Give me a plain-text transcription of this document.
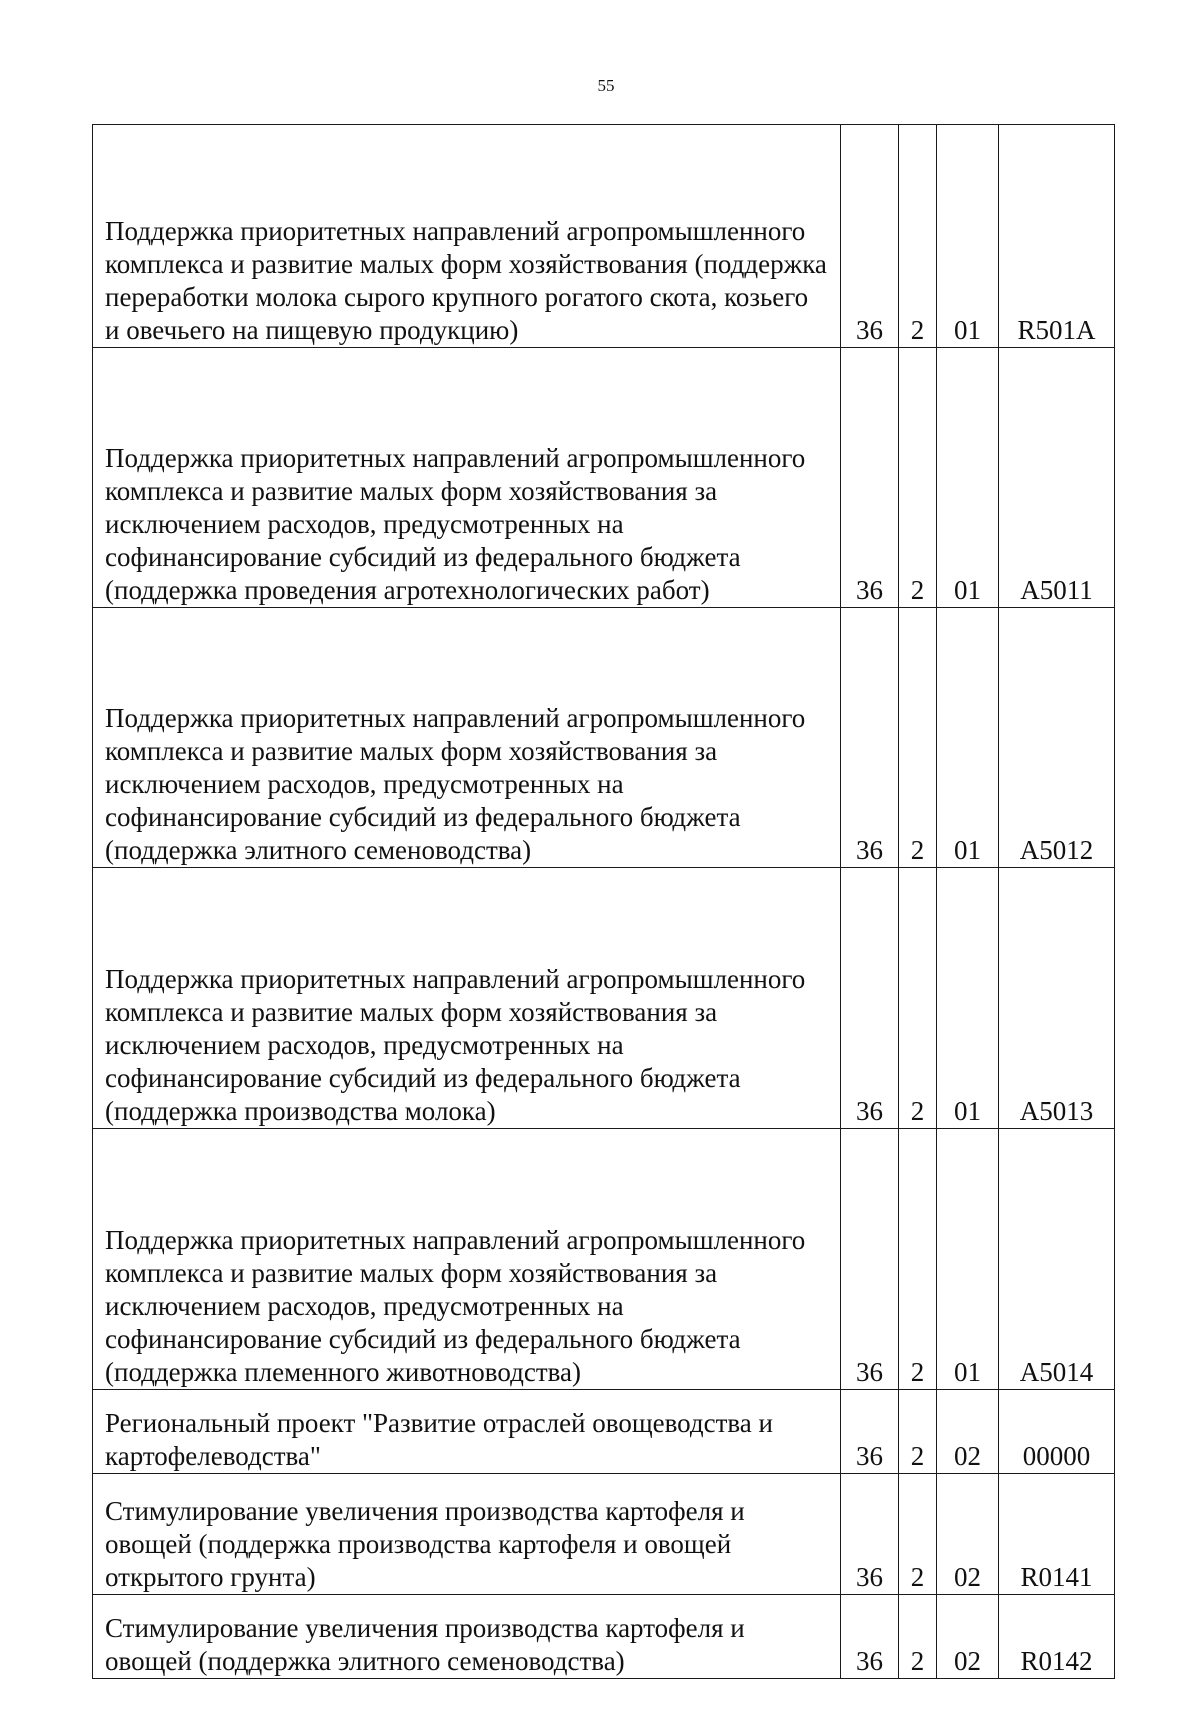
55
Поддержка приоритетных направлений агропромышленного комплекса и развитие малых форм хозяйствования (поддержка переработки молока сырого крупного рогатого скота, козьего и овечьего на пищевую продукцию)	36	2	01	R501A
Поддержка приоритетных направлений агропромышленного комплекса и развитие малых форм хозяйствования за исключением расходов, предусмотренных на софинансирование субсидий из федерального бюджета (поддержка проведения агротехнологических работ)	36	2	01	A5011
Поддержка приоритетных направлений агропромышленного комплекса и развитие малых форм хозяйствования за исключением расходов, предусмотренных на софинансирование субсидий из федерального бюджета (поддержка элитного семеноводства)	36	2	01	A5012
Поддержка приоритетных направлений агропромышленного комплекса и развитие малых форм хозяйствования за исключением расходов, предусмотренных на софинансирование субсидий из федерального бюджета (поддержка производства молока)	36	2	01	A5013
Поддержка приоритетных направлений агропромышленного комплекса и развитие малых форм хозяйствования за исключением расходов, предусмотренных на софинансирование субсидий из федерального бюджета (поддержка племенного животноводства)	36	2	01	A5014
Региональный проект "Развитие отраслей овощеводства и картофелеводства"	36	2	02	00000
Стимулирование увеличения производства картофеля и овощей (поддержка производства картофеля и овощей открытого грунта)	36	2	02	R0141
Стимулирование увеличения производства картофеля и овощей (поддержка элитного семеноводства)	36	2	02	R0142
